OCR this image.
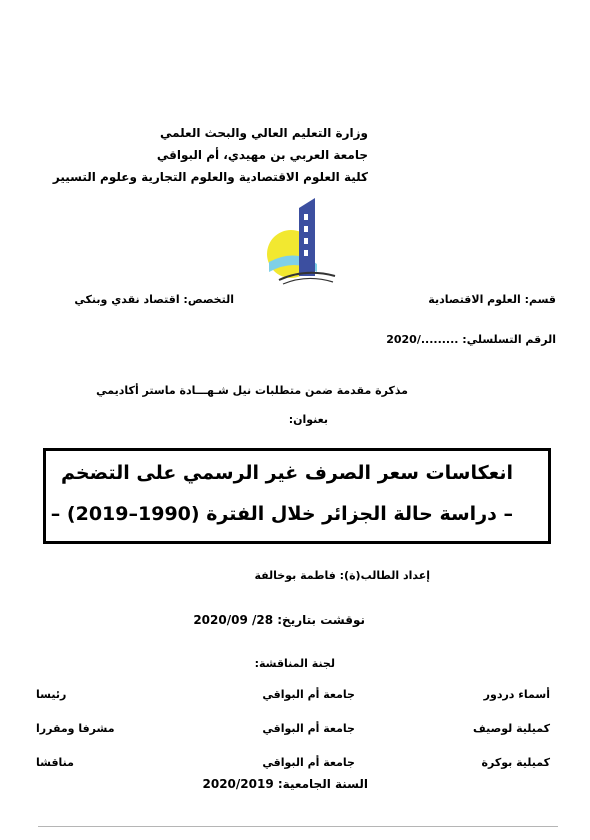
وزارة التعليم العالي والبحث العلمي
جامعة العربي بن مهيدي، أم البواقي
كلية العلوم الاقتصادية والعلوم التجارية وعلوم التسيير
قسم: العلوم الاقتصادية
التخصص: اقتصاد نقدي وبنكي
الرقم التسلسلي: ........./2020
مذكرة مقدمة ضمن متطلبات نيل شـهـــادة ماستر أكاديمي
بعنوان:
انعكاسات سعر الصرف غير الرسمي على التضخم
– دراسة حالة الجزائر خلال الفترة (1990–2019) –
إعداد الطالب(ة): فاطمة بوخالفة
نوقشت بتاريخ: 28/ 2020/09
لجنة المناقشة:
أسماء دردور
جامعة أم البواقي
رئيسا
كميلية لوصيف
جامعة أم البواقي
مشرفا ومقررا
كميلية بوكرة
جامعة أم البواقي
مناقشا
السنة الجامعية: 2020/2019
